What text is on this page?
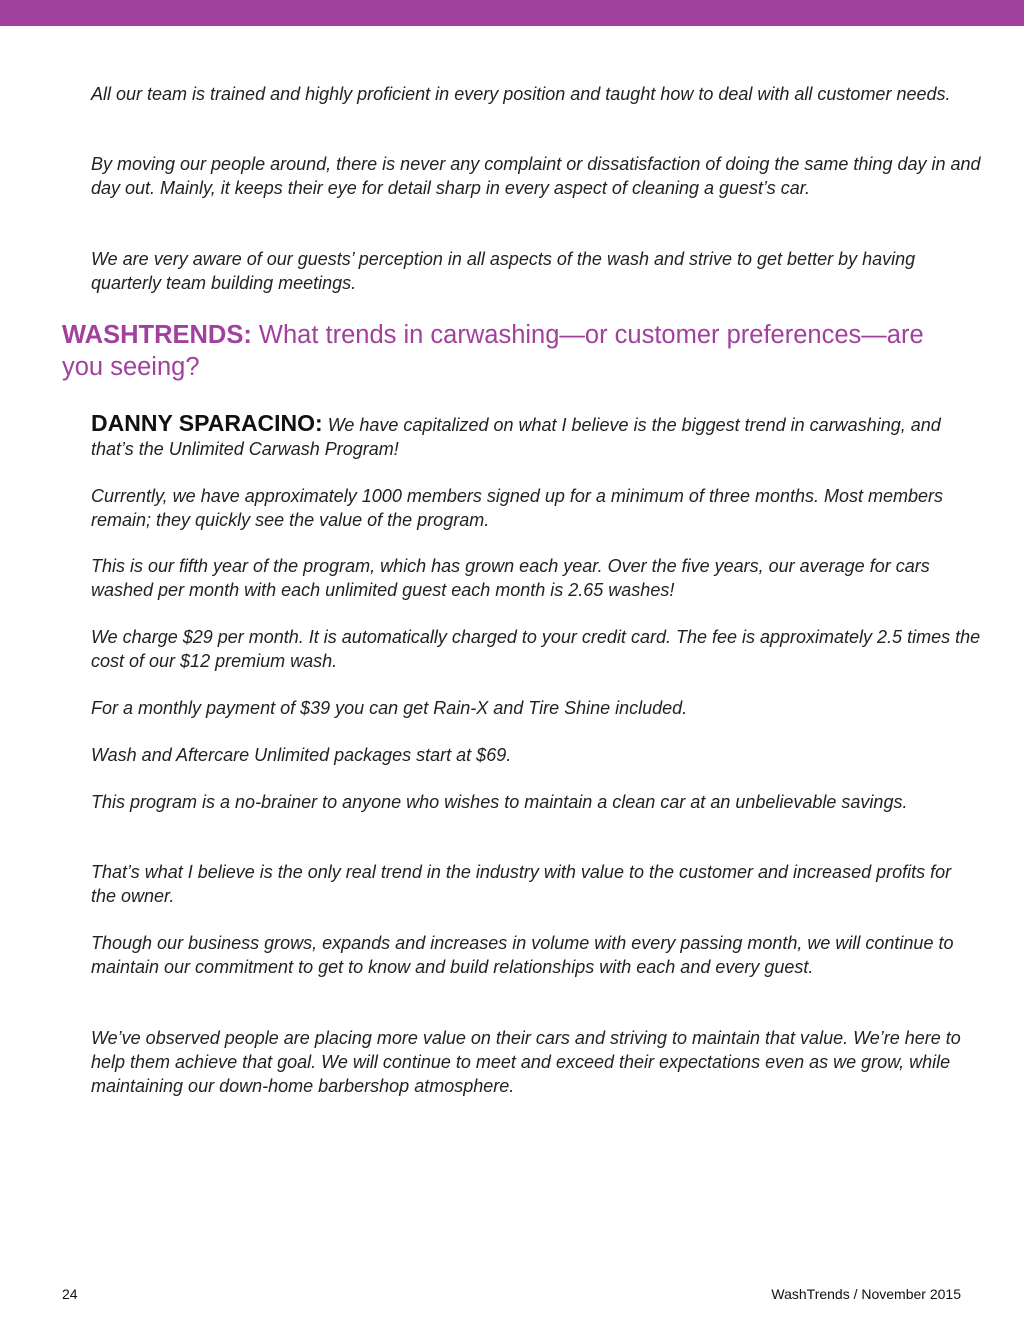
All our team is trained and highly proficient in every position and taught how to deal with all customer needs.

By moving our people around, there is never any complaint or dissatisfaction of doing the same thing day in and day out. Mainly, it keeps their eye for detail sharp in every aspect of cleaning a guest’s car.

We are very aware of our guests’ perception in all aspects of the wash and strive to get better by having quarterly team building meetings.

WASHTRENDS: What trends in carwashing—or customer preferences—are you seeing?

DANNY SPARACINO: We have capitalized on what I believe is the biggest trend in carwashing, and that’s the Unlimited Carwash Program!

Currently, we have approximately 1000 members signed up for a minimum of three months. Most members remain; they quickly see the value of the program.

This is our fifth year of the program, which has grown each year. Over the five years, our average for cars washed per month with each unlimited guest each month is 2.65 washes!

We charge $29 per month. It is automatically charged to your credit card. The fee is approximately 2.5 times the cost of our $12 premium wash.

For a monthly payment of $39 you can get Rain-X and Tire Shine included.

Wash and Aftercare Unlimited packages start at $69.

This program is a no-brainer to anyone who wishes to maintain a clean car at an unbelievable savings.

That’s what I believe is the only real trend in the industry with value to the customer and increased profits for the owner.

Though our business grows, expands and increases in volume with every passing month, we will continue to maintain our commitment to get to know and build relationships with each and every guest.

We’ve observed people are placing more value on their cars and striving to maintain that value. We’re here to help them achieve that goal. We will continue to meet and exceed their expectations even as we grow, while maintaining our down-home barbershop atmosphere.

24	WashTrends / November 2015
